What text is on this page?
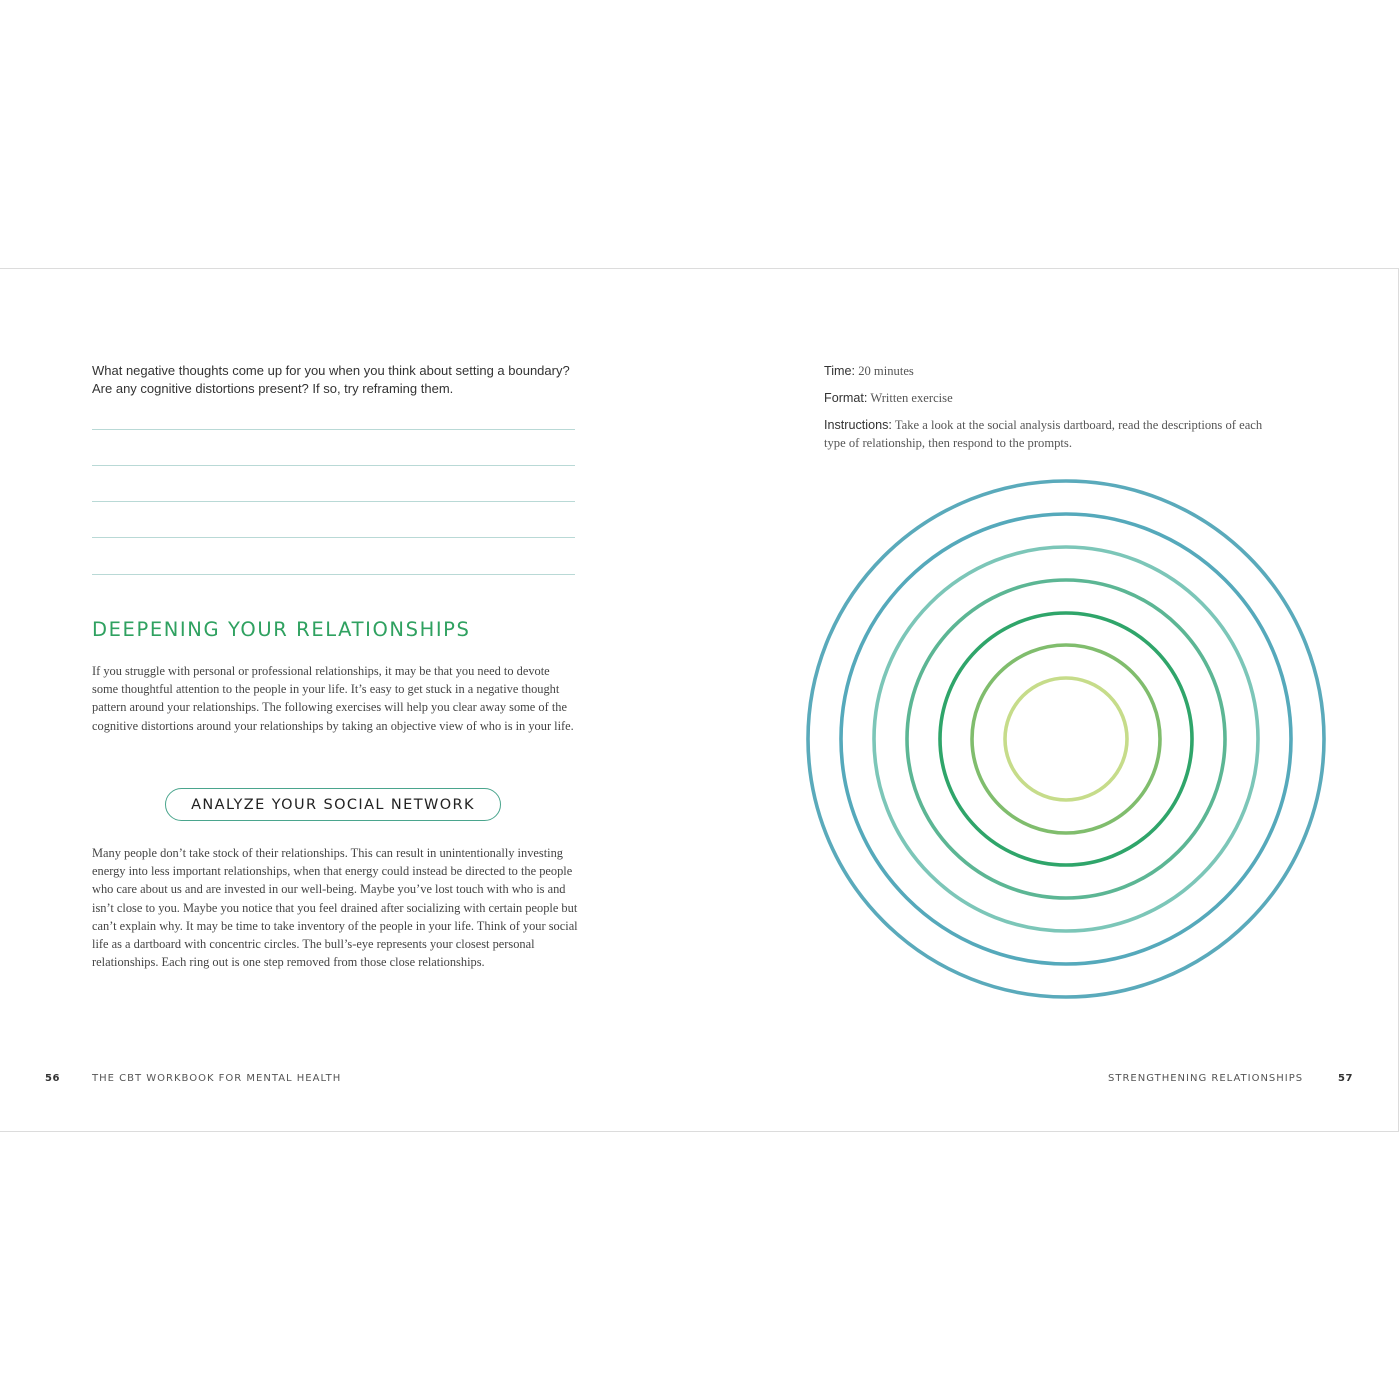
What negative thoughts come up for you when you think about setting a boundary? Are any cognitive distortions present? If so, try reframing them.
DEEPENING YOUR RELATIONSHIPS

If you struggle with personal or professional relationships, it may be that you need to devote some thoughtful attention to the people in your life. It’s easy to get stuck in a negative thought pattern around your relationships. The following exercises will help you clear away some of the cognitive distortions around your relationships by taking an objective view of who is in your life.

ANALYZE YOUR SOCIAL NETWORK

Many people don’t take stock of their relationships. This can result in unintentionally investing energy into less important relationships, when that energy could instead be directed to the people who care about us and are invested in our well-being. Maybe you’ve lost touch with who is and isn’t close to you. Maybe you notice that you feel drained after socializing with certain people but can’t explain why. It may be time to take inventory of the people in your life. Think of your social life as a dartboard with concentric circles. The bull’s-eye represents your closest personal relationships. Each ring out is one step removed from those close relationships.

56	THE CBT WORKBOOK FOR MENTAL HEALTH

Time: 20 minutes

Format: Written exercise

Instructions: Take a look at the social analysis dartboard, read the descriptions of each type of relationship, then respond to the prompts.

STRENGTHENING RELATIONSHIPS	57
